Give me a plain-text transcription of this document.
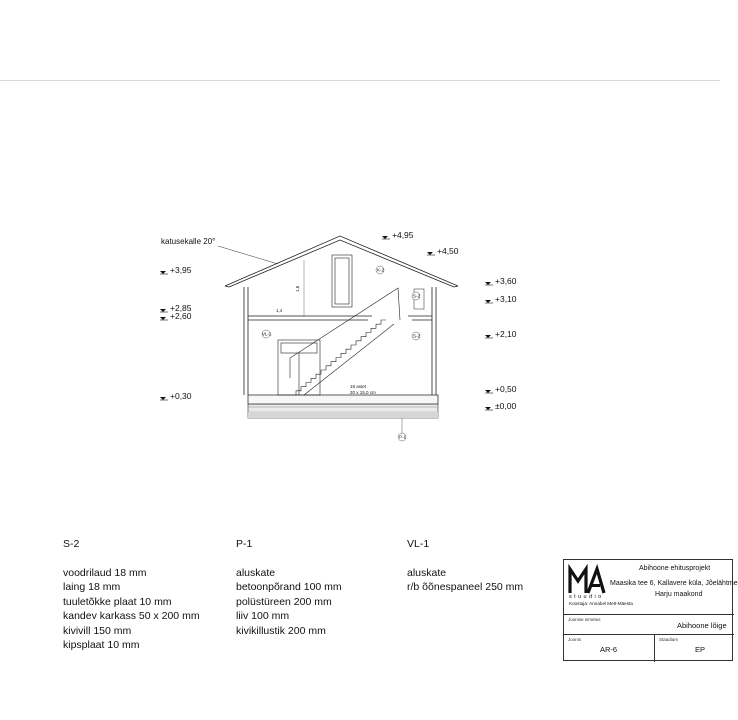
katusekalle 20°
1,6
1,4
K-2
S-2
S-2
VL-1
P-1
18 astet
20 x 15,0 cm
+3,95
+2,85
+2,60
+0,30
+4,95
+4,50
+3,60
+3,10
+2,10
+0,50
±0,00
S-2
voodrilaud 18 mm
laing 18 mm
tuuletõkke plaat 10 mm
kandev karkass 50 x 200 mm
kivivill 150 mm
kipsplaat 10 mm
P-1
aluskate
betoonpõrand 100 mm
polüstüreen 200 mm
liiv 100 mm
kivikillustik 200 mm
VL-1
aluskate
r/b õõnespaneel 250 mm
stuudio
Koostaja: Annabel Mett-Mäesta
Abihoone ehitusprojekt
Maasika tee 6, Kallavere küla, Jõelähtme
Harju maakond
Joonise nimetus
Abihoone lõige
Joonis
AR-6
Staadium
EP
